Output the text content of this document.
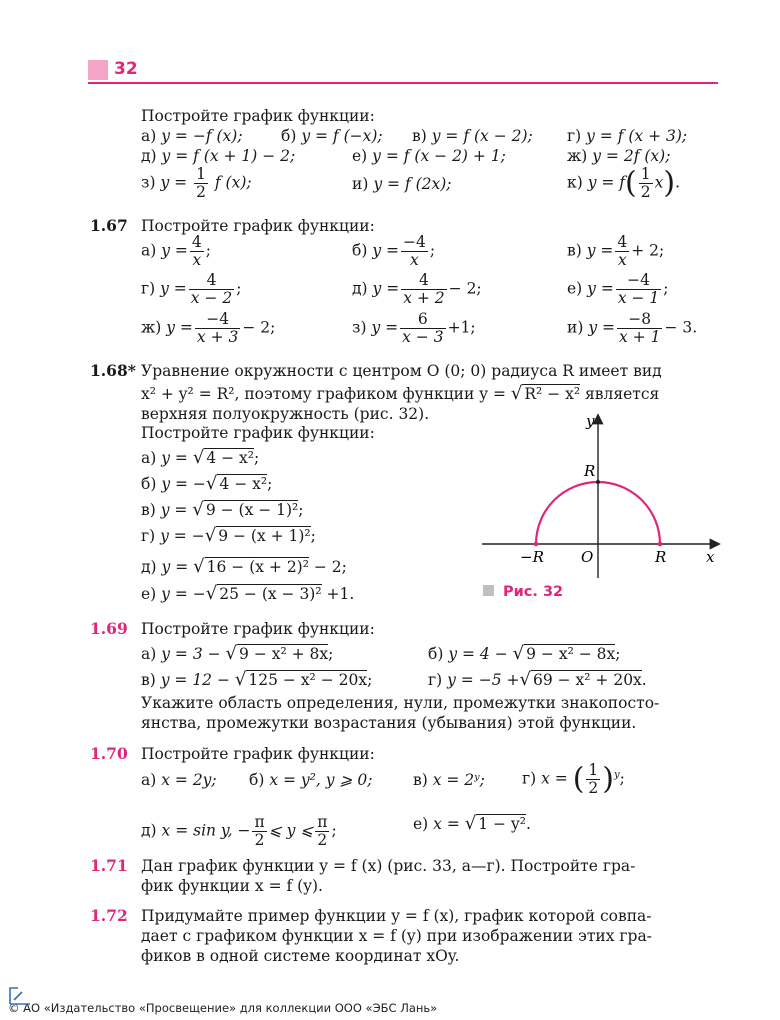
32
Постройте график функции:
а) y = −f (x); б) y = f (−x); в) y = f (x − 2); г) y = f (x + 3);
д) y = f (x + 1) − 2;	е) y = f (x − 2) + 1;	ж) y = 2f (x);
з) $y = \frac{1}{2}$ f (x);	и) y = f (2x);	к) $y = f( \frac{1}{2} x)$.
1.67 Постройте график функции:
а) $y = \frac{4}{x}$ ;	б) $y = \frac{-4}{x}$ ;	в) $y = \frac{4}{x} + 2$;
г) $y = \frac{4}{x - 2}$ ;	д) $y = \frac{4}{x + 2} - 2$;	е) $y = \frac{-4}{x - 1}$ ;
ж) $y = \frac{-4}{x + 3} - 2$;	з) $y = \frac{6}{x - 3} +1$;	и) $y = \frac{-8}{x + 1} - 3$.
1.68* Уравнение окружности с центром O (0; 0) радиуса R имеет вид
x² + y² = R², поэтому графиком функции y = √ R² − x² является
верхняя полуокружность (рис. 32).
Постройте график функции:
а) y = √ 4 − x²;
б) y = −√ 4 − x²;
в) y = √ 9 − (x − 1)²;
г) y = −√ 9 − (x + 1)²;
д) y = √ 16 − (x + 2)² − 2;
е) y = −√ 25 − (x − 3)² +1.
y
x
O
R
−R	R
Рис. 32
1.69 Постройте график функции:
а) y = 3 − √ 9 − x² + 8x;	б) y = 4 − √ 9 − x² − 8x;
в) y = 12 − √ 125 − x² − 20x;	г) y = −5 +√ 69 − x² + 20x.
Укажите область определения, нули, промежутки знакопосто-
янства, промежутки возрастания (убывания) этой функции.
1.70 Постройте график функции:
а) x = 2y; б) x = y², y ⩾ 0;	в) x = 2ʸ; г) x = ( $\frac{1}{2} )^y$;
д) x = sin y, − $\frac{\pi}{2}$ ⩽ y ⩽ $\frac{\pi}{2}$ ;	е) x = √ 1 − y².
1.71 Дан график функции y = f (x) (рис. 33, а—г). Постройте гра-
фик функции x = f (y).
1.72 Придумайте пример функции y = f (x), график которой совпа-
дает с графиком функции x = f (y) при изображении этих гра-
фиков в одной системе координат xOy.
© АО «Издательство «Просвещение» для коллекции ООО «ЭБС Лань»
